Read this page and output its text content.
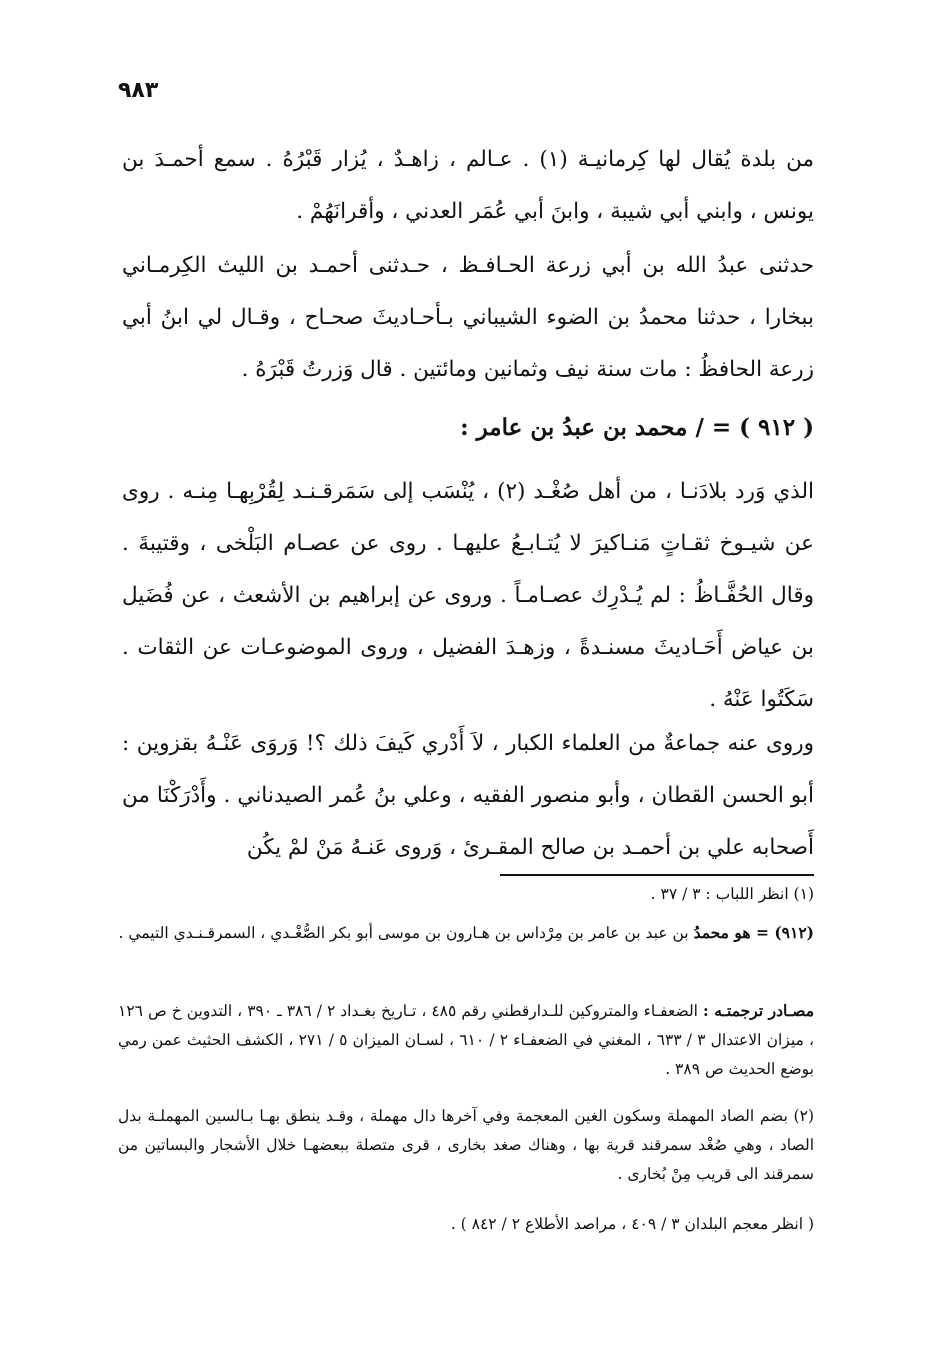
٩٨٣
من بلدة يُقال لها كِرمانيـة (١) . عـالم ، زاهـدٌ ، يُزار قَبْرُهُ . سمع أحمـدَ بن يونس ، وابني أبي شيبة ، وابنَ أبي عُمَر العدني ، وأقرانَهُمْ .
حدثنى عبدُ الله بن أبي زرعة الحـافـظ ، حـدثنى أحمـد بن الليث الكِرمـاني ببخارا ، حدثنا محمدُ بن الضوء الشيباني بـأحـاديثَ صحـاح ، وقـال لي ابنُ أبي زرعة الحافظُ : مات سنة نيف وثمانين ومائتين . قال وَزرتُ قَبْرَهُ .
( ٩١٢ ) = / محمد بن عبدُ بن عامر :
الذي وَرد بلادَنـا ، من أهل صُغْـد (٢) ، يُنْسَب إلى سَمَرقـنـد لِقُرْبِهـا مِنـه . روى عن شيـوخ ثقـاتٍ مَنـاكيرَ لا يُتـابـعُ عليهـا . روى عن عصـام البَلْخى ، وقتيبةَ . وقال الحُفَّـاظُ : لم يُـدْرِك عصـامـاً . وروى عن إبراهيم بن الأشعث ، عن فُضَيل بن عياض أَحَـاديثَ مسنـدةً ، وزهـدَ الفضيل ، وروى الموضوعـات عن الثقات . سَكَتُوا عَنْهُ .
وروى عنه جماعةٌ من العلماء الكبار ، لاَ أَدْري كَيفَ ذلك ؟! وَروَى عَنْـهُ بقزوين : أبو الحسن القطان ، وأبو منصور الفقيه ، وعلي بنُ عُمر الصيدناني . وأَدْرَكْنَا من أَصحابه علي بن أحمـد بن صالح المقـرئ ، وَروى عَنـهُ مَنْ لمْ يكُن
(١) انظر اللباب : ٣ / ٣٧ .
(٩١٢) = هو محمدُ بن عبد بن عامر بن مِرْداس بن هـارون بن موسى أبو بكر الصُّغْـدي ، السمرقـنـدي التيمي .
مصـادر ترجمتـه : الضعفـاء والمتروكين للـدارقطني رقم ٤٨٥ ، تـاريخ بغـداد ٢ / ٣٨٦ ـ ٣٩٠ ، التدوين خ ص ١٢٦ ، ميزان الاعتدال ٣ / ٦٣٣ ، المغني في الضعفـاء ٢ / ٦١٠ ، لسـان الميزان ٥ / ٢٧١ ، الكشف الحثيث عمن رمي بوضع الحديث ص ٣٨٩ .
(٢) بضم الصاد المهملة وسكون الغين المعجمة وفي آخرها دال مهملة ، وقـد ينطق بهـا بـالسين المهملـة بدل الصاد ، وهي صُغْد سمرقند قرية بها ، وهناك صغد بخارى ، قرى متصلة ببعضهـا خلال الأشجار والبساتين من سمرقند الى قريب مِنْ بُخارى .
( انظر معجم البلدان ٣ / ٤٠٩ ، مراصد الأطلاع ٢ / ٨٤٢ ) .
